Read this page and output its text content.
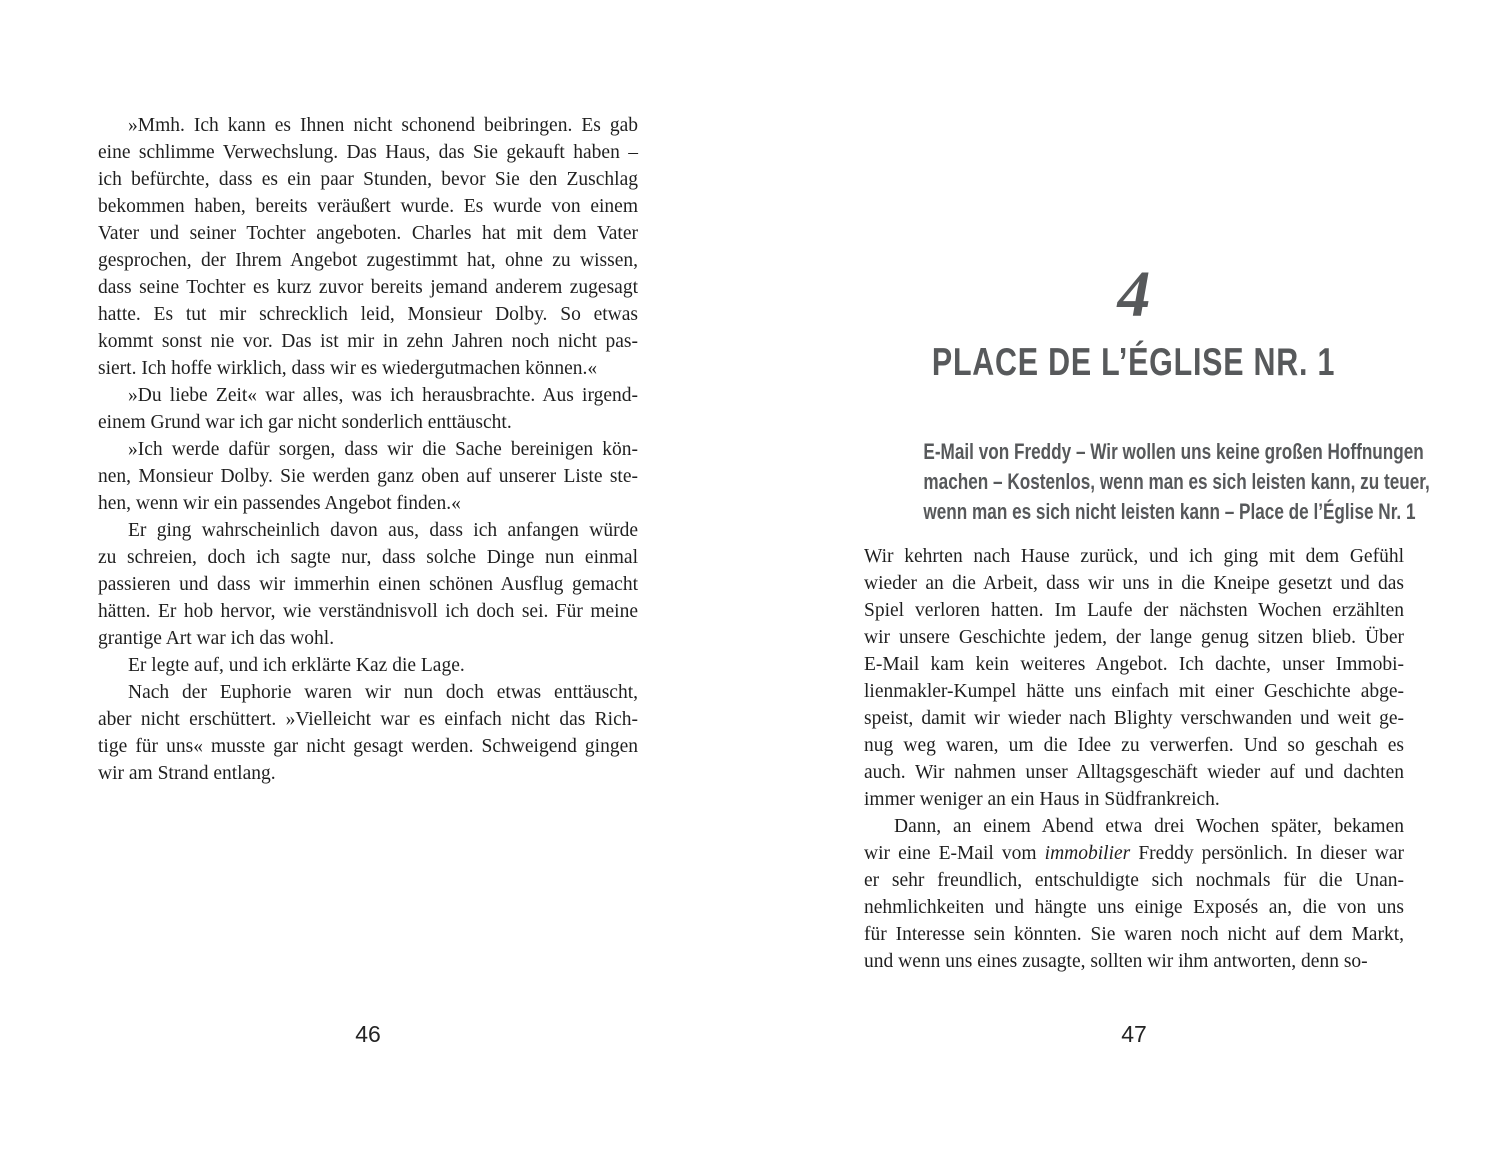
»Mmh. Ich kann es Ihnen nicht schonend beibringen. Es gab
eine schlimme Verwechslung. Das Haus, das Sie gekauft haben –
ich befürchte, dass es ein paar Stunden, bevor Sie den Zuschlag
bekommen haben, bereits veräußert wurde. Es wurde von einem
Vater und seiner Tochter angeboten. Charles hat mit dem Vater
gesprochen, der Ihrem Angebot zugestimmt hat, ohne zu wissen,
dass seine Tochter es kurz zuvor bereits jemand anderem zugesagt
hatte. Es tut mir schrecklich leid, Monsieur Dolby. So etwas
kommt sonst nie vor. Das ist mir in zehn Jahren noch nicht pas-
siert. Ich hoffe wirklich, dass wir es wiedergutmachen können.«
»Du liebe Zeit« war alles, was ich herausbrachte. Aus irgend-
einem Grund war ich gar nicht sonderlich enttäuscht.
»Ich werde dafür sorgen, dass wir die Sache bereinigen kön-
nen, Monsieur Dolby. Sie werden ganz oben auf unserer Liste ste-
hen, wenn wir ein passendes Angebot finden.«
Er ging wahrscheinlich davon aus, dass ich anfangen würde
zu schreien, doch ich sagte nur, dass solche Dinge nun einmal
passieren und dass wir immerhin einen schönen Ausflug gemacht
hätten. Er hob hervor, wie verständnisvoll ich doch sei. Für meine
grantige Art war ich das wohl.
Er legte auf, und ich erklärte Kaz die Lage.
Nach der Euphorie waren wir nun doch etwas enttäuscht,
aber nicht erschüttert. »Vielleicht war es einfach nicht das Rich-
tige für uns« musste gar nicht gesagt werden. Schweigend gingen
wir am Strand entlang.
46
4
PLACE DE L’ÉGLISE NR. 1
E-Mail von Freddy – Wir wollen uns keine großen Hoffnungen
machen – Kostenlos, wenn man es sich leisten kann, zu teuer,
wenn man es sich nicht leisten kann – Place de l’Église Nr. 1
Wir kehrten nach Hause zurück, und ich ging mit dem Gefühl
wieder an die Arbeit, dass wir uns in die Kneipe gesetzt und das
Spiel verloren hatten. Im Laufe der nächsten Wochen erzählten
wir unsere Geschichte jedem, der lange genug sitzen blieb. Über
E-Mail kam kein weiteres Angebot. Ich dachte, unser Immobi-
lienmakler-Kumpel hätte uns einfach mit einer Geschichte abge-
speist, damit wir wieder nach Blighty verschwanden und weit ge-
nug weg waren, um die Idee zu verwerfen. Und so geschah es
auch. Wir nahmen unser Alltagsgeschäft wieder auf und dachten
immer weniger an ein Haus in Südfrankreich.
Dann, an einem Abend etwa drei Wochen später, bekamen
wir eine E-Mail vom immobilier Freddy persönlich. In dieser war
er sehr freundlich, entschuldigte sich nochmals für die Unan-
nehmlichkeiten und hängte uns einige Exposés an, die von uns
für Interesse sein könnten. Sie waren noch nicht auf dem Markt,
und wenn uns eines zusagte, sollten wir ihm antworten, denn so-
47
